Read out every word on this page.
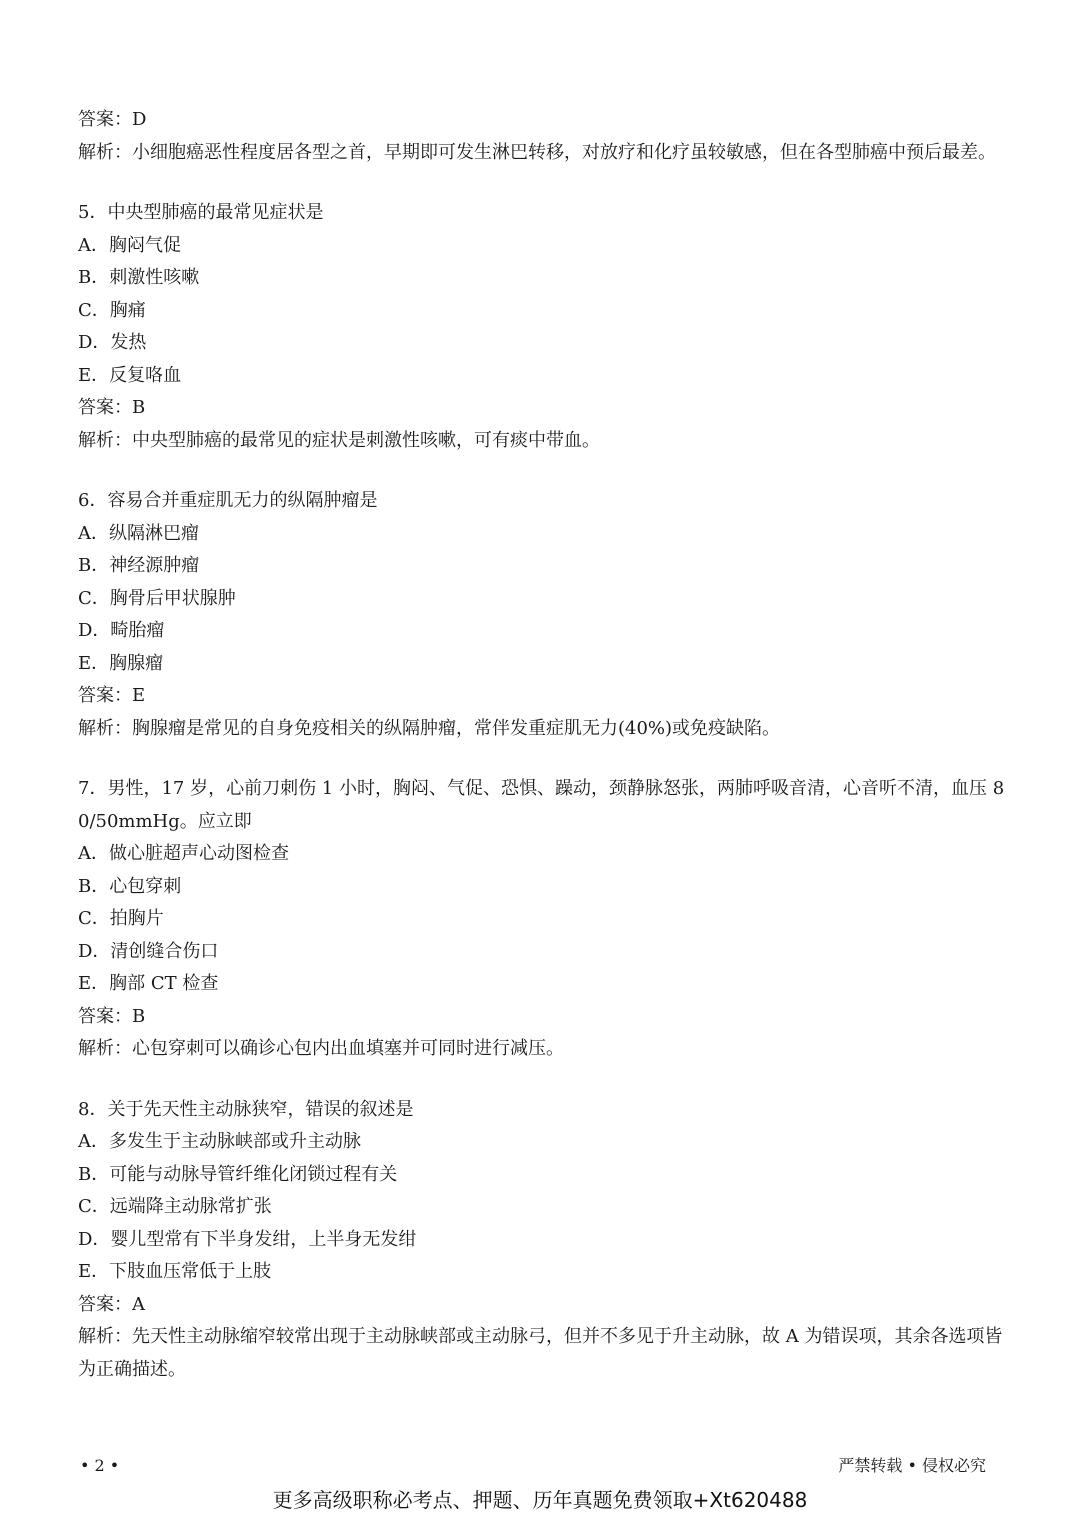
答案：D
解析：小细胞癌恶性程度居各型之首，早期即可发生淋巴转移，对放疗和化疗虽较敏感，但在各型肺癌中预后最差。
5．中央型肺癌的最常见症状是
A．胸闷气促
B．刺激性咳嗽
C．胸痛
D．发热
E．反复咯血
答案：B
解析：中央型肺癌的最常见的症状是刺激性咳嗽，可有痰中带血。
6．容易合并重症肌无力的纵隔肿瘤是
A．纵隔淋巴瘤
B．神经源肿瘤
C．胸骨后甲状腺肿
D．畸胎瘤
E．胸腺瘤
答案：E
解析：胸腺瘤是常见的自身免疫相关的纵隔肿瘤，常伴发重症肌无力(40%)或免疫缺陷。
7．男性，17 岁，心前刀刺伤 1 小时，胸闷、气促、恐惧、躁动，颈静脉怒张，两肺呼吸音清，心音听不清，血压 80/50mmHg。应立即
A．做心脏超声心动图检查
B．心包穿刺
C．拍胸片
D．清创缝合伤口
E．胸部 CT 检查
答案：B
解析：心包穿刺可以确诊心包内出血填塞并可同时进行减压。
8．关于先天性主动脉狭窄，错误的叙述是
A．多发生于主动脉峡部或升主动脉
B．可能与动脉导管纤维化闭锁过程有关
C．远端降主动脉常扩张
D．婴儿型常有下半身发绀，上半身无发绀
E．下肢血压常低于上肢
答案：A
解析：先天性主动脉缩窄较常出现于主动脉峡部或主动脉弓，但并不多见于升主动脉，故 A 为错误项，其余各选项皆为正确描述。
• 2 •	严禁转载 • 侵权必究
更多高级职称必考点、押题、历年真题免费领取+Xt620488
